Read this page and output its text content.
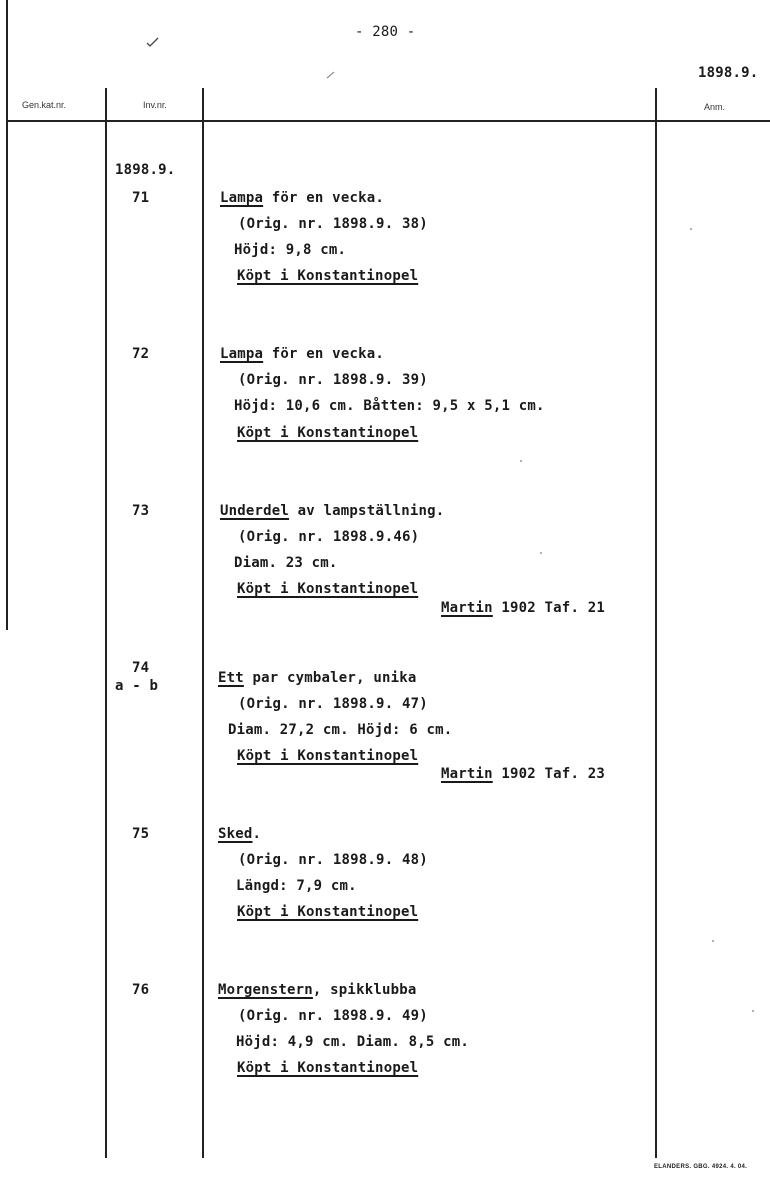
- 280 -
1898.9.
Gen.kat.nr.	Inv.nr.	Anm.
1898.9.
71	Lampa för en vecka.
(Orig. nr. 1898.9. 38)
Höjd: 9,8 cm.
Köpt i Konstantinopel
72	Lampa för en vecka.
(Orig. nr. 1898.9. 39)
Höjd: 10,6 cm. Båtten: 9,5 x 5,1 cm.
Köpt i Konstantinopel
73	Underdel av lampställning.
(Orig. nr. 1898.9.46)
Diam. 23 cm.
Köpt i Konstantinopel
Martin 1902 Taf. 21
74
a - b	Ett par cymbaler, unika
(Orig. nr. 1898.9. 47)
Diam. 27,2 cm. Höjd: 6 cm.
Köpt i Konstantinopel
Martin 1902 Taf. 23
75	Sked.
(Orig. nr. 1898.9. 48)
Längd: 7,9 cm.
Köpt i Konstantinopel
76	Morgenstern, spikklubba
(Orig. nr. 1898.9. 49)
Höjd: 4,9 cm. Diam. 8,5 cm.
Köpt i Konstantinopel
ELANDERS. GBG. 4924. 4. 04.
